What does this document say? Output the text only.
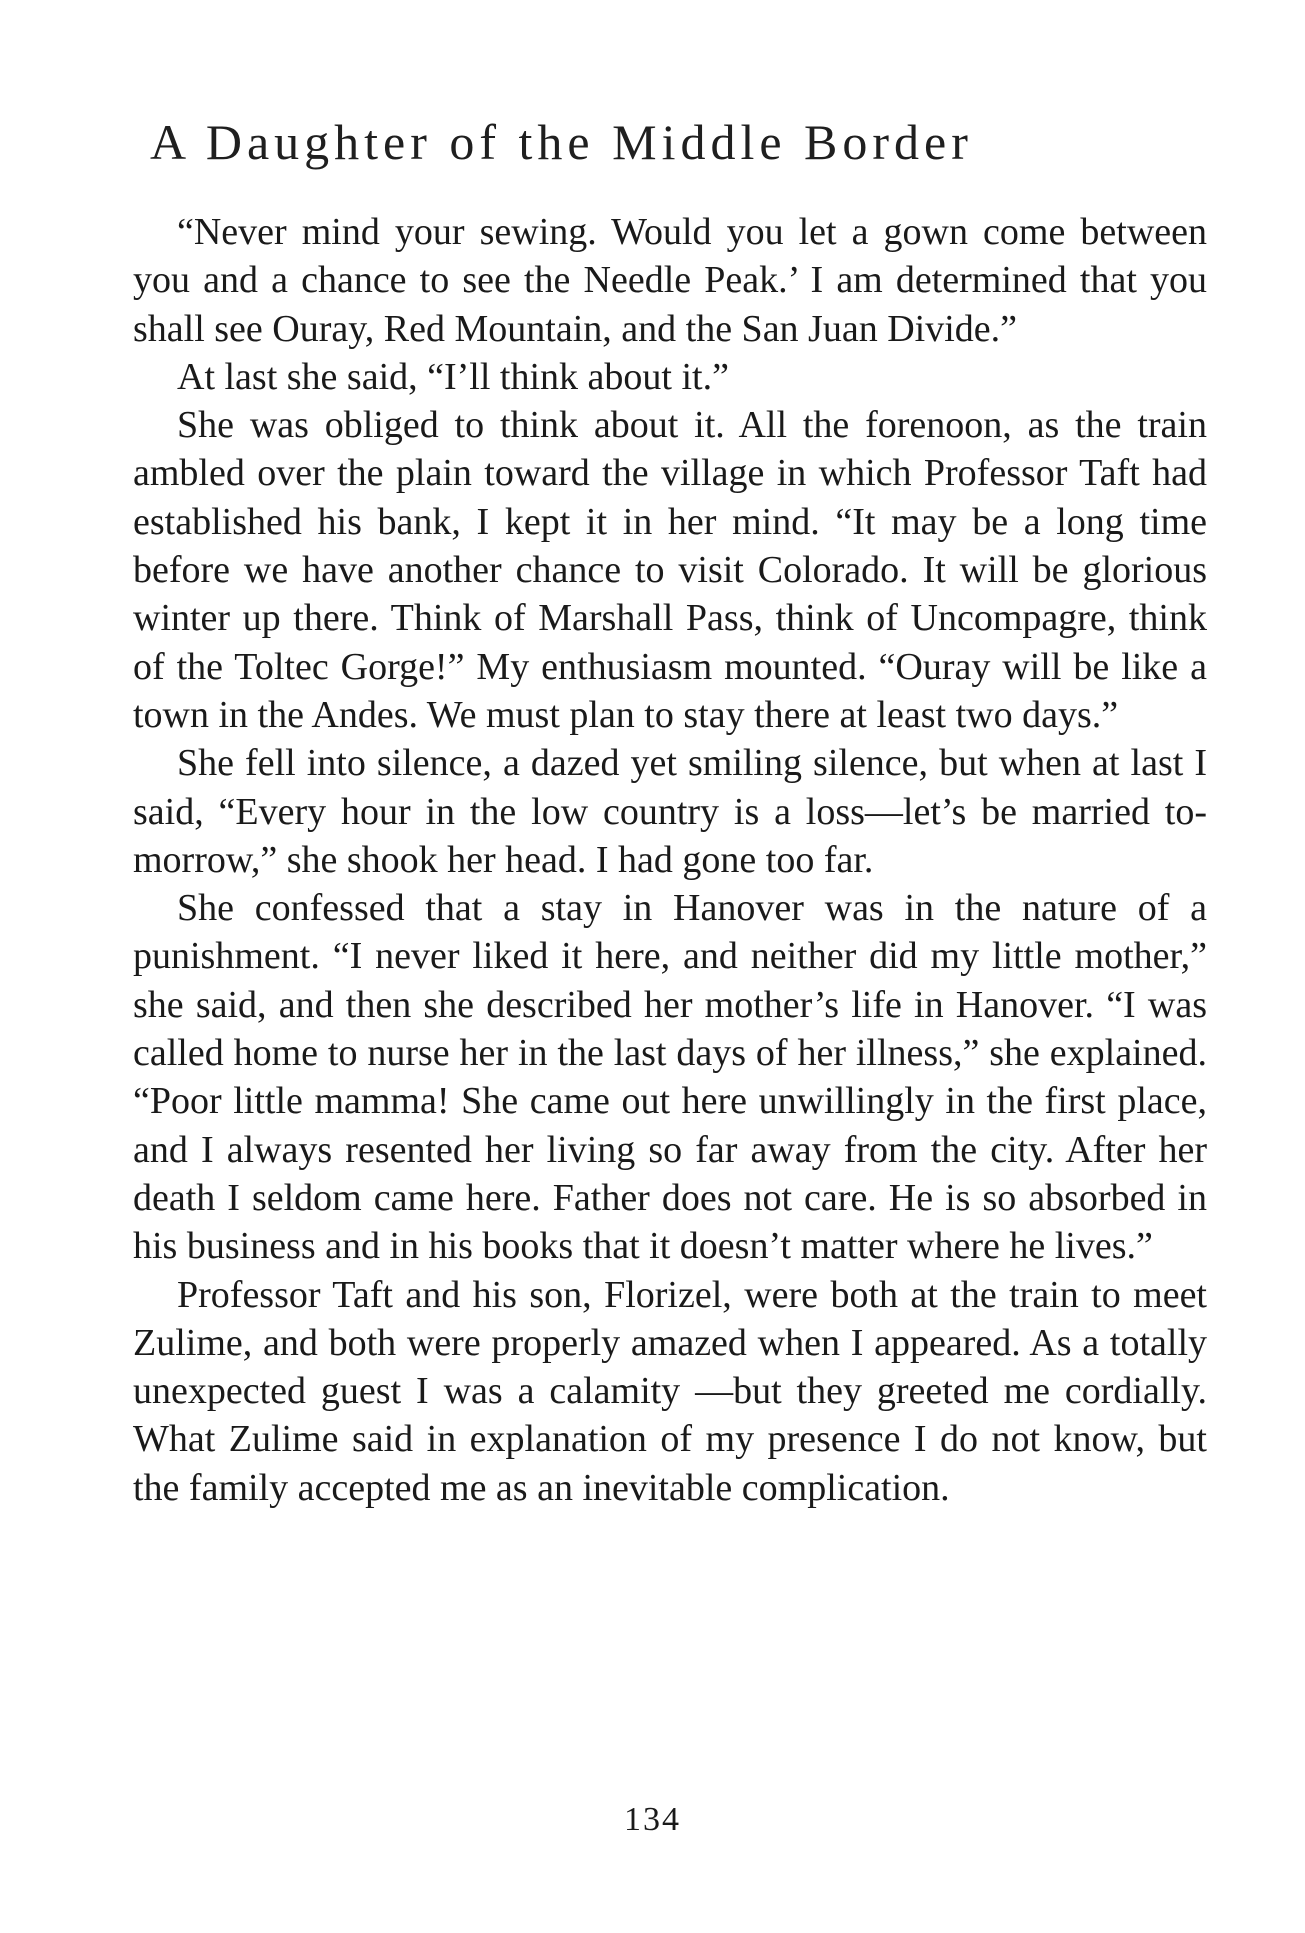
A Daughter of the Middle Border

“Never mind your sewing. Would you let a gown come between you and a chance to see the Needle Peak.’ I am determined that you shall see Ouray, Red Mountain, and the San Juan Divide.”

At last she said, “I’ll think about it.”

She was obliged to think about it. All the forenoon, as the train ambled over the plain toward the village in which Professor Taft had established his bank, I kept it in her mind. “It may be a long time before we have another chance to visit Colorado. It will be glorious winter up there. Think of Marshall Pass, think of Uncompagre, think of the Toltec Gorge!” My enthusiasm mounted. “Ouray will be like a town in the Andes. We must plan to stay there at least two days.”

She fell into silence, a dazed yet smiling silence, but when at last I said, “Every hour in the low country is a loss—let’s be married to-morrow,” she shook her head. I had gone too far.

She confessed that a stay in Hanover was in the nature of a punishment. “I never liked it here, and neither did my little mother,” she said, and then she described her mother’s life in Hanover. “I was called home to nurse her in the last days of her illness,” she explained. “Poor little mamma! She came out here unwillingly in the first place, and I always resented her living so far away from the city. After her death I seldom came here. Father does not care. He is so absorbed in his business and in his books that it doesn’t matter where he lives.”

Professor Taft and his son, Florizel, were both at the train to meet Zulime, and both were properly amazed when I appeared. As a totally unexpected guest I was a calamity —but they greeted me cordially. What Zulime said in explanation of my presence I do not know, but the family accepted me as an inevitable complication.

134
